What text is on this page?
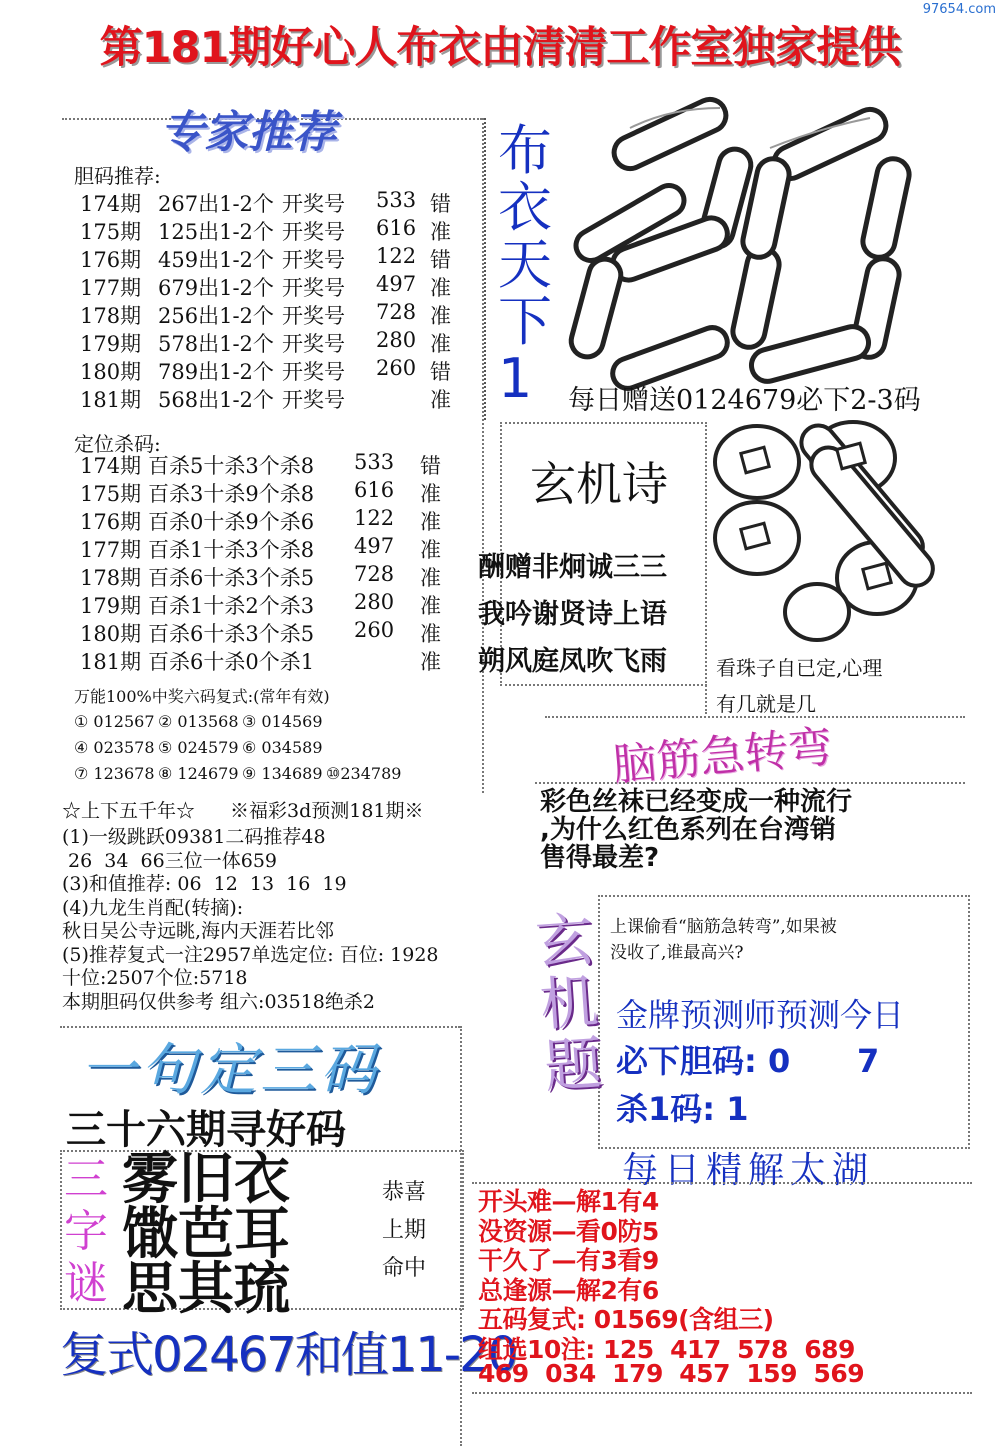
97654.com
第181期好心人布衣由清清工作室独家提供
专家推荐
胆码推荐:
174期 267出1-2个 开奖号 533 错
175期 125出1-2个 开奖号 616 准
176期 459出1-2个 开奖号 122 错
177期 679出1-2个 开奖号 497 准
178期 256出1-2个 开奖号 728 准
179期 578出1-2个 开奖号 280 准
180期 789出1-2个 开奖号 260 错
181期 568出1-2个 开奖号	准
定位杀码:
174期 百杀5十杀3个杀8 533 错
175期 百杀3十杀9个杀8 616 准
176期 百杀0十杀9个杀6 122 准
177期 百杀1十杀3个杀8 497 准
178期 百杀6十杀3个杀5 728 准
179期 百杀1十杀2个杀3 280 准
180期 百杀6十杀3个杀5 260 准
181期 百杀6十杀0个杀1	准
万能100%中奖六码复式:(常年有效)
① 012567 ② 013568 ③ 014569
④ 023578 ⑤ 024579 ⑥ 034589
⑦ 123678 ⑧ 124679 ⑨ 134689 ⑩234789
布
衣
天
下
1 每日赠送0124679必下2-3码
玄机诗
酬赠非炯诚三三
我吟谢贤诗上语
朔风庭凤吹飞雨 看珠子自已定,心理
有几就是几
脑筋急转弯
彩色丝袜已经变成一种流行
,为什么红色系列在台湾销
售得最差?
☆上下五千年☆ ※福彩3d预测181期※
(1)一级跳跃09381二码推荐48
26  34  66三位一体659
(3)和值推荐: 06  12  13  16  19
(4)九龙生肖配(转摘):
秋日吴公寺远眺,海内天涯若比邻
(5)推荐复式一注2957单选定位: 百位: 1928
十位:2507个位:5718
本期胆码仅供参考 组六:03518绝杀2
玄
机
题
上课偷看“脑筋急转弯”,如果被
没收了,谁最高兴?
金牌预测师预测今日
必下胆码: 0      7
杀1码: 1
一句定三码
三十六期寻好码
三
字
谜
雾旧衣
馓芭耳
思其琉
恭喜
上期
命中
复式02467和值11-20
每日精解太湖
开头难—解1有4
没资源—看0防5
干久了—有3看9
总逢源—解2有6
五码复式: 01569(含组三)
组选10注: 125  417  578  689
469  034  179  457  159  569
